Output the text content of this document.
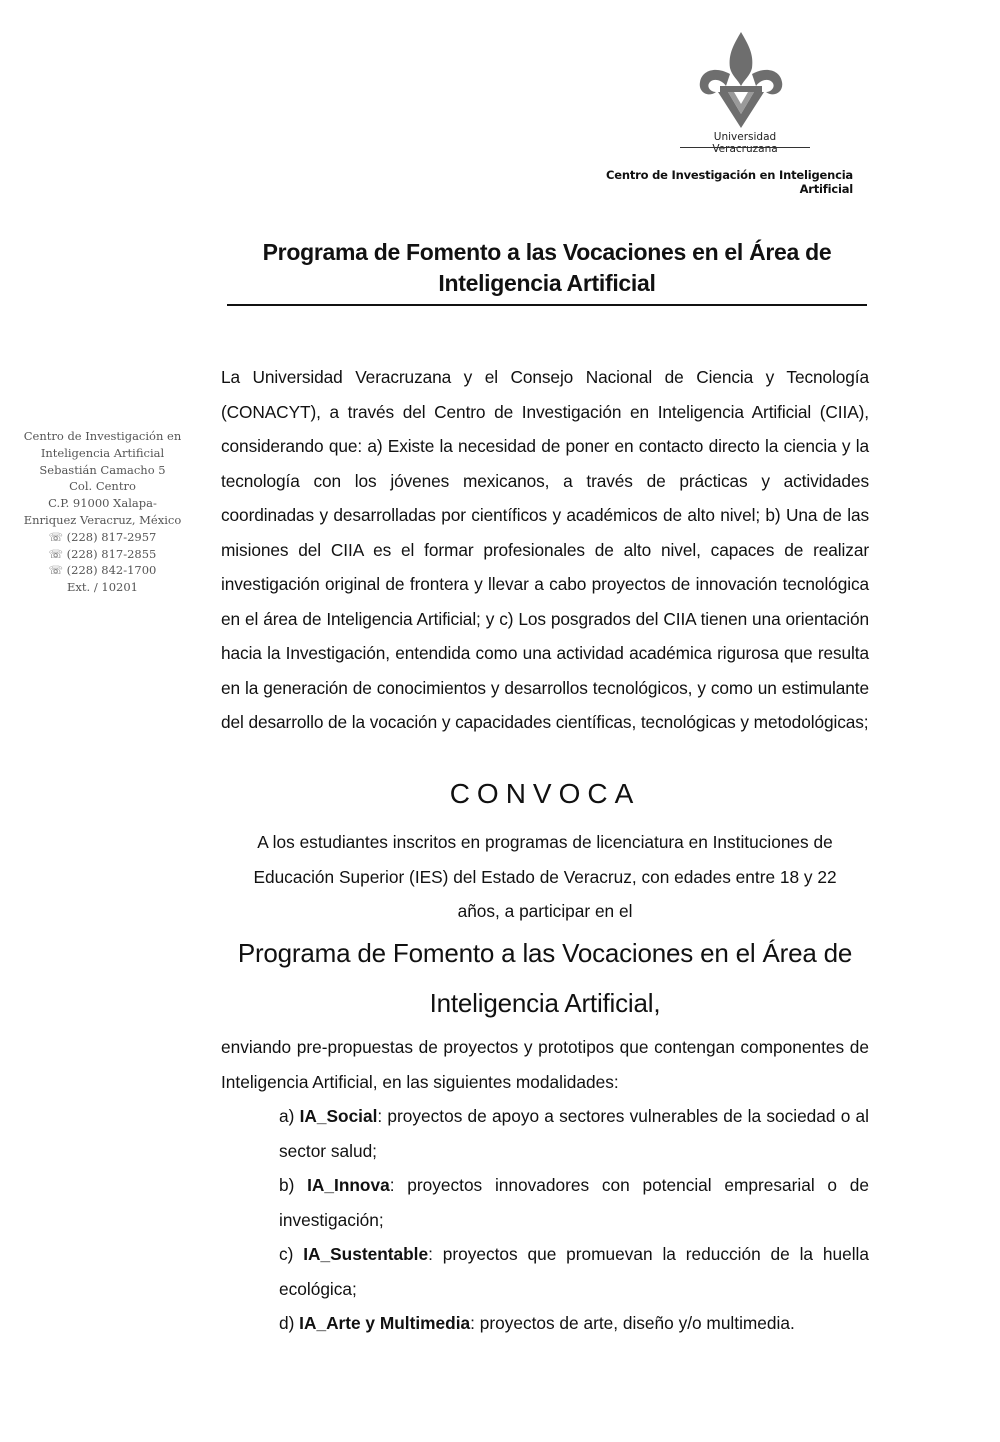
Universidad Veracruzana
Centro de Investigación en Inteligencia Artificial
Programa de Fomento a las Vocaciones en el Área de
Inteligencia Artificial
Centro de Investigación en
Inteligencia Artificial
Sebastián Camacho 5
Col. Centro
C.P. 91000 Xalapa-
Enriquez Veracruz, México
☏ (228) 817-2957
☏ (228) 817-2855
☏ (228) 842-1700
Ext. / 10201
La Universidad Veracruzana y el Consejo Nacional de Ciencia y Tecnología (CONACYT), a través del Centro de Investigación en Inteligencia Artificial (CIIA), considerando que: a) Existe la necesidad de poner en contacto directo la ciencia y la tecnología con los jóvenes mexicanos, a través de prácticas y actividades coordinadas y desarrolladas por científicos y académicos de alto nivel; b) Una de las misiones del CIIA es el formar profesionales de alto nivel, capaces de realizar investigación original de frontera y llevar a cabo proyectos de innovación tecnológica en el área de Inteligencia Artificial; y c) Los posgrados del CIIA tienen una orientación hacia la Investigación, entendida como una actividad académica rigurosa que resulta en la generación de conocimientos y desarrollos tecnológicos, y como un estimulante del desarrollo de la vocación y capacidades científicas, tecnológicas y metodológicas;
CONVOCA
A los estudiantes inscritos en programas de licenciatura en Instituciones de
Educación Superior (IES) del Estado de Veracruz, con edades entre 18 y 22
años, a participar en el
Programa de Fomento a las Vocaciones en el Área de
Inteligencia Artificial,
enviando pre-propuestas de proyectos y prototipos que contengan componentes de Inteligencia Artificial, en las siguientes modalidades:

a) IA_Social: proyectos de apoyo a sectores vulnerables de la sociedad o al sector salud;

b) IA_Innova: proyectos innovadores con potencial empresarial o de investigación;

c) IA_Sustentable: proyectos que promuevan la reducción de la huella ecológica;

d) IA_Arte y Multimedia: proyectos de arte, diseño y/o multimedia.
